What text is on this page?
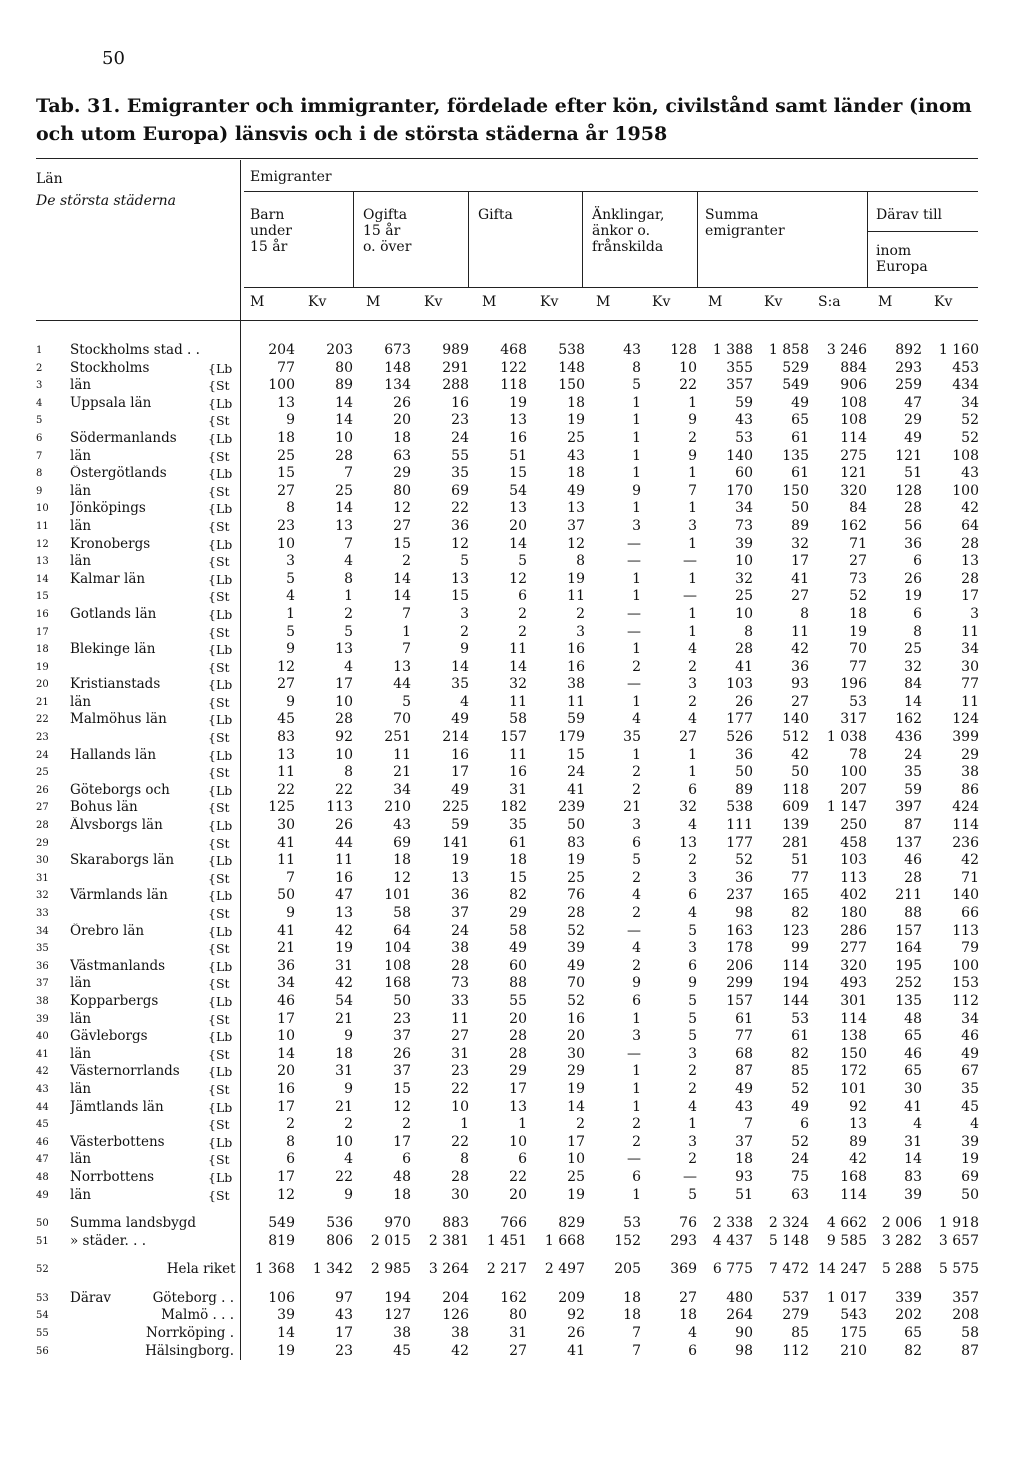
50
Tab. 31. Emigranter och immigranter, fördelade efter kön, civilstånd samt länder (inom och utom Europa) länsvis och i de största städerna år 1958
Län
De största städerna
Emigranter
Barn
under
15 år
Ogifta
15 år
o. över
Gifta	Änklingar,
änkor o.
frånskilda
Summa
emigranter
Därav till
inom
Europa
M	Kv	M	Kv	M	Kv	M	Kv	M	Kv	S:a	M	Kv
1	Stockholms stad . .		204	203	673	989	468	538	43	128	1 388	1 858	3 246	892	1 160
2	Stockholms	{Lb	77	80	148	291	122	148	8	10	355	529	884	293	453
3	län	{St	100	89	134	288	118	150	5	22	357	549	906	259	434
4	Uppsala län	{Lb	13	14	26	16	19	18	1	1	59	49	108	47	34
5		{St	9	14	20	23	13	19	1	9	43	65	108	29	52
6	Södermanlands	{Lb	18	10	18	24	16	25	1	2	53	61	114	49	52
7	län	{St	25	28	63	55	51	43	1	9	140	135	275	121	108
8	Östergötlands	{Lb	15	7	29	35	15	18	1	1	60	61	121	51	43
9	län	{St	27	25	80	69	54	49	9	7	170	150	320	128	100
10	Jönköpings	{Lb	8	14	12	22	13	13	1	1	34	50	84	28	42
11	län	{St	23	13	27	36	20	37	3	3	73	89	162	56	64
12	Kronobergs	{Lb	10	7	15	12	14	12	—	1	39	32	71	36	28
13	län	{St	3	4	2	5	5	8	—	—	10	17	27	6	13
14	Kalmar län	{Lb	5	8	14	13	12	19	1	1	32	41	73	26	28
15		{St	4	1	14	15	6	11	1	—	25	27	52	19	17
16	Gotlands län	{Lb	1	2	7	3	2	2	—	1	10	8	18	6	3
17		{St	5	5	1	2	2	3	—	1	8	11	19	8	11
18	Blekinge län	{Lb	9	13	7	9	11	16	1	4	28	42	70	25	34
19		{St	12	4	13	14	14	16	2	2	41	36	77	32	30
20	Kristianstads	{Lb	27	17	44	35	32	38	—	3	103	93	196	84	77
21	län	{St	9	10	5	4	11	11	1	2	26	27	53	14	11
22	Malmöhus län	{Lb	45	28	70	49	58	59	4	4	177	140	317	162	124
23		{St	83	92	251	214	157	179	35	27	526	512	1 038	436	399
24	Hallands län	{Lb	13	10	11	16	11	15	1	1	36	42	78	24	29
25		{St	11	8	21	17	16	24	2	1	50	50	100	35	38
26	Göteborgs och	{Lb	22	22	34	49	31	41	2	6	89	118	207	59	86
27	Bohus län	{St	125	113	210	225	182	239	21	32	538	609	1 147	397	424
28	Älvsborgs län	{Lb	30	26	43	59	35	50	3	4	111	139	250	87	114
29		{St	41	44	69	141	61	83	6	13	177	281	458	137	236
30	Skaraborgs län	{Lb	11	11	18	19	18	19	5	2	52	51	103	46	42
31		{St	7	16	12	13	15	25	2	3	36	77	113	28	71
32	Värmlands län	{Lb	50	47	101	36	82	76	4	6	237	165	402	211	140
33		{St	9	13	58	37	29	28	2	4	98	82	180	88	66
34	Örebro län	{Lb	41	42	64	24	58	52	—	5	163	123	286	157	113
35		{St	21	19	104	38	49	39	4	3	178	99	277	164	79
36	Västmanlands	{Lb	36	31	108	28	60	49	2	6	206	114	320	195	100
37	län	{St	34	42	168	73	88	70	9	9	299	194	493	252	153
38	Kopparbergs	{Lb	46	54	50	33	55	52	6	5	157	144	301	135	112
39	län	{St	17	21	23	11	20	16	1	5	61	53	114	48	34
40	Gävleborgs	{Lb	10	9	37	27	28	20	3	5	77	61	138	65	46
41	län	{St	14	18	26	31	28	30	—	3	68	82	150	46	49
42	Västernorrlands	{Lb	20	31	37	23	29	29	1	2	87	85	172	65	67
43	län	{St	16	9	15	22	17	19	1	2	49	52	101	30	35
44	Jämtlands län	{Lb	17	21	12	10	13	14	1	4	43	49	92	41	45
45		{St	2	2	2	1	1	2	2	1	7	6	13	4	4
46	Västerbottens	{Lb	8	10	17	22	10	17	2	3	37	52	89	31	39
47	län	{St	6	4	6	8	6	10	—	2	18	24	42	14	19
48	Norrbottens	{Lb	17	22	48	28	22	25	6	—	93	75	168	83	69
49	län	{St	12	9	18	30	20	19	1	5	51	63	114	39	50

50	Summa landsbygd		549	536	970	883	766	829	53	76	2 338	2 324	4 662	2 006	1 918
51	» städer. . .		819	806	2 015	2 381	1 451	1 668	152	293	4 437	5 148	9 585	3 282	3 657

52	Hela riket		1 368	1 342	2 985	3 264	2 217	2 497	205	369	6 775	7 472	14 247	5 288	5 575

53	Därav Göteborg . .		106	97	194	204	162	209	18	27	480	537	1 017	339	357
54	Malmö . . .		39	43	127	126	80	92	18	18	264	279	543	202	208
55	Norrköping .		14	17	38	38	31	26	7	4	90	85	175	65	58
56	Hälsingborg.		19	23	45	42	27	41	7	6	98	112	210	82	87
